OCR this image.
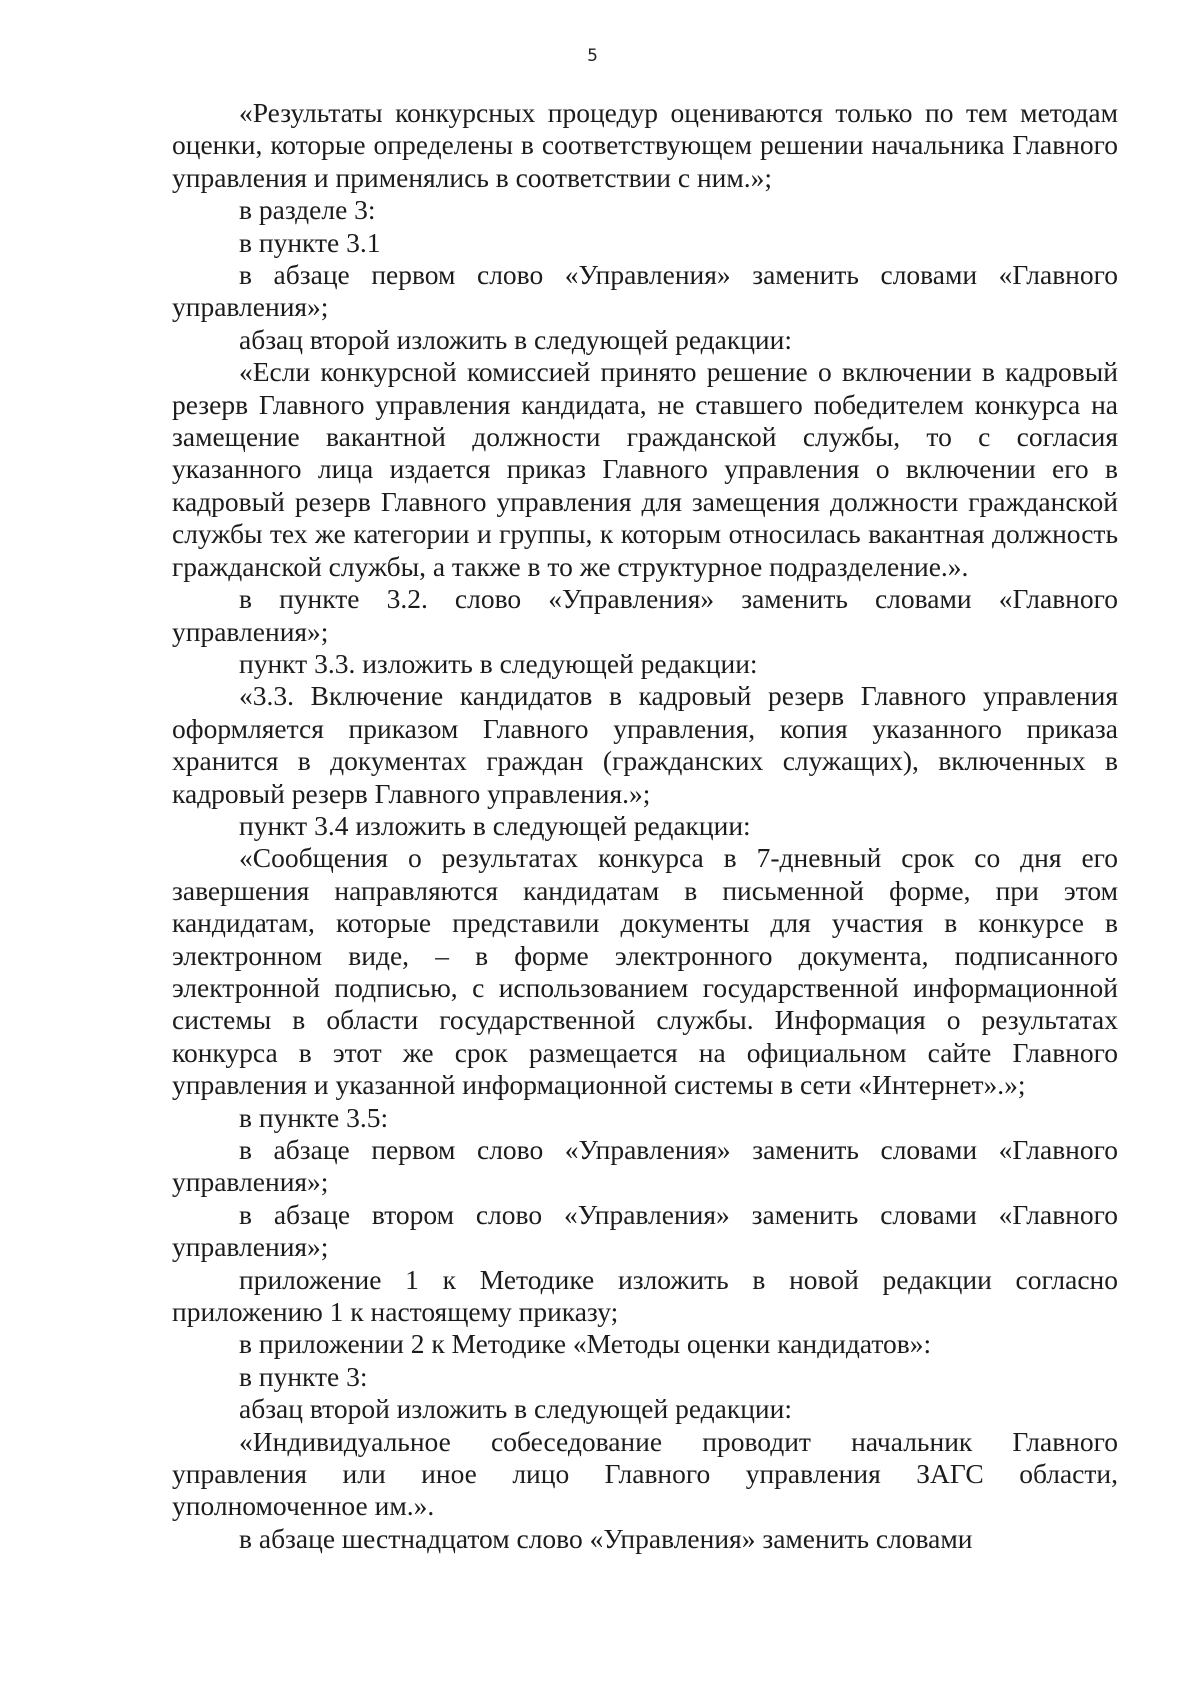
5

«Результаты конкурсных процедур оцениваются только по тем методам оценки, которые определены в соответствующем решении начальника Главного управления и применялись в соответствии с ним.»;

в разделе 3:

в пункте 3.1

в абзаце первом слово «Управления» заменить словами «Главного управления»;

абзац второй изложить в следующей редакции:

«Если конкурсной комиссией принято решение о включении в кадровый резерв Главного управления кандидата, не ставшего победителем конкурса на замещение вакантной должности гражданской службы, то с согласия указанного лица издается приказ Главного управления о включении его в кадровый резерв Главного управления для замещения должности гражданской службы тех же категории и группы, к которым относилась вакантная должность гражданской службы, а также в то же структурное подразделение.».

в пункте 3.2. слово «Управления» заменить словами «Главного управления»;

пункт 3.3. изложить в следующей редакции:

«3.3. Включение кандидатов в кадровый резерв Главного управления оформляется приказом Главного управления, копия указанного приказа хранится в документах граждан (гражданских служащих), включенных в кадровый резерв Главного управления.»;

пункт 3.4 изложить в следующей редакции:

«Сообщения о результатах конкурса в 7-дневный срок со дня его завершения направляются кандидатам в письменной форме, при этом кандидатам, которые представили документы для участия в конкурсе в электронном виде, – в форме электронного документа, подписанного электронной подписью, с использованием государственной информационной системы в области государственной службы. Информация о результатах конкурса в этот же срок размещается на официальном сайте Главного управления и указанной информационной системы в сети «Интернет».»;

в пункте 3.5:

в абзаце первом слово «Управления» заменить словами «Главного управления»;

в абзаце втором слово «Управления» заменить словами «Главного управления»;

приложение 1 к Методике изложить в новой редакции согласно приложению 1 к настоящему приказу;

в приложении 2 к Методике «Методы оценки кандидатов»:

в пункте 3:

абзац второй изложить в следующей редакции:

«Индивидуальное собеседование проводит начальник Главного управления или иное лицо Главного управления ЗАГС области, уполномоченное им.».

в абзаце шестнадцатом слово «Управления» заменить словами
